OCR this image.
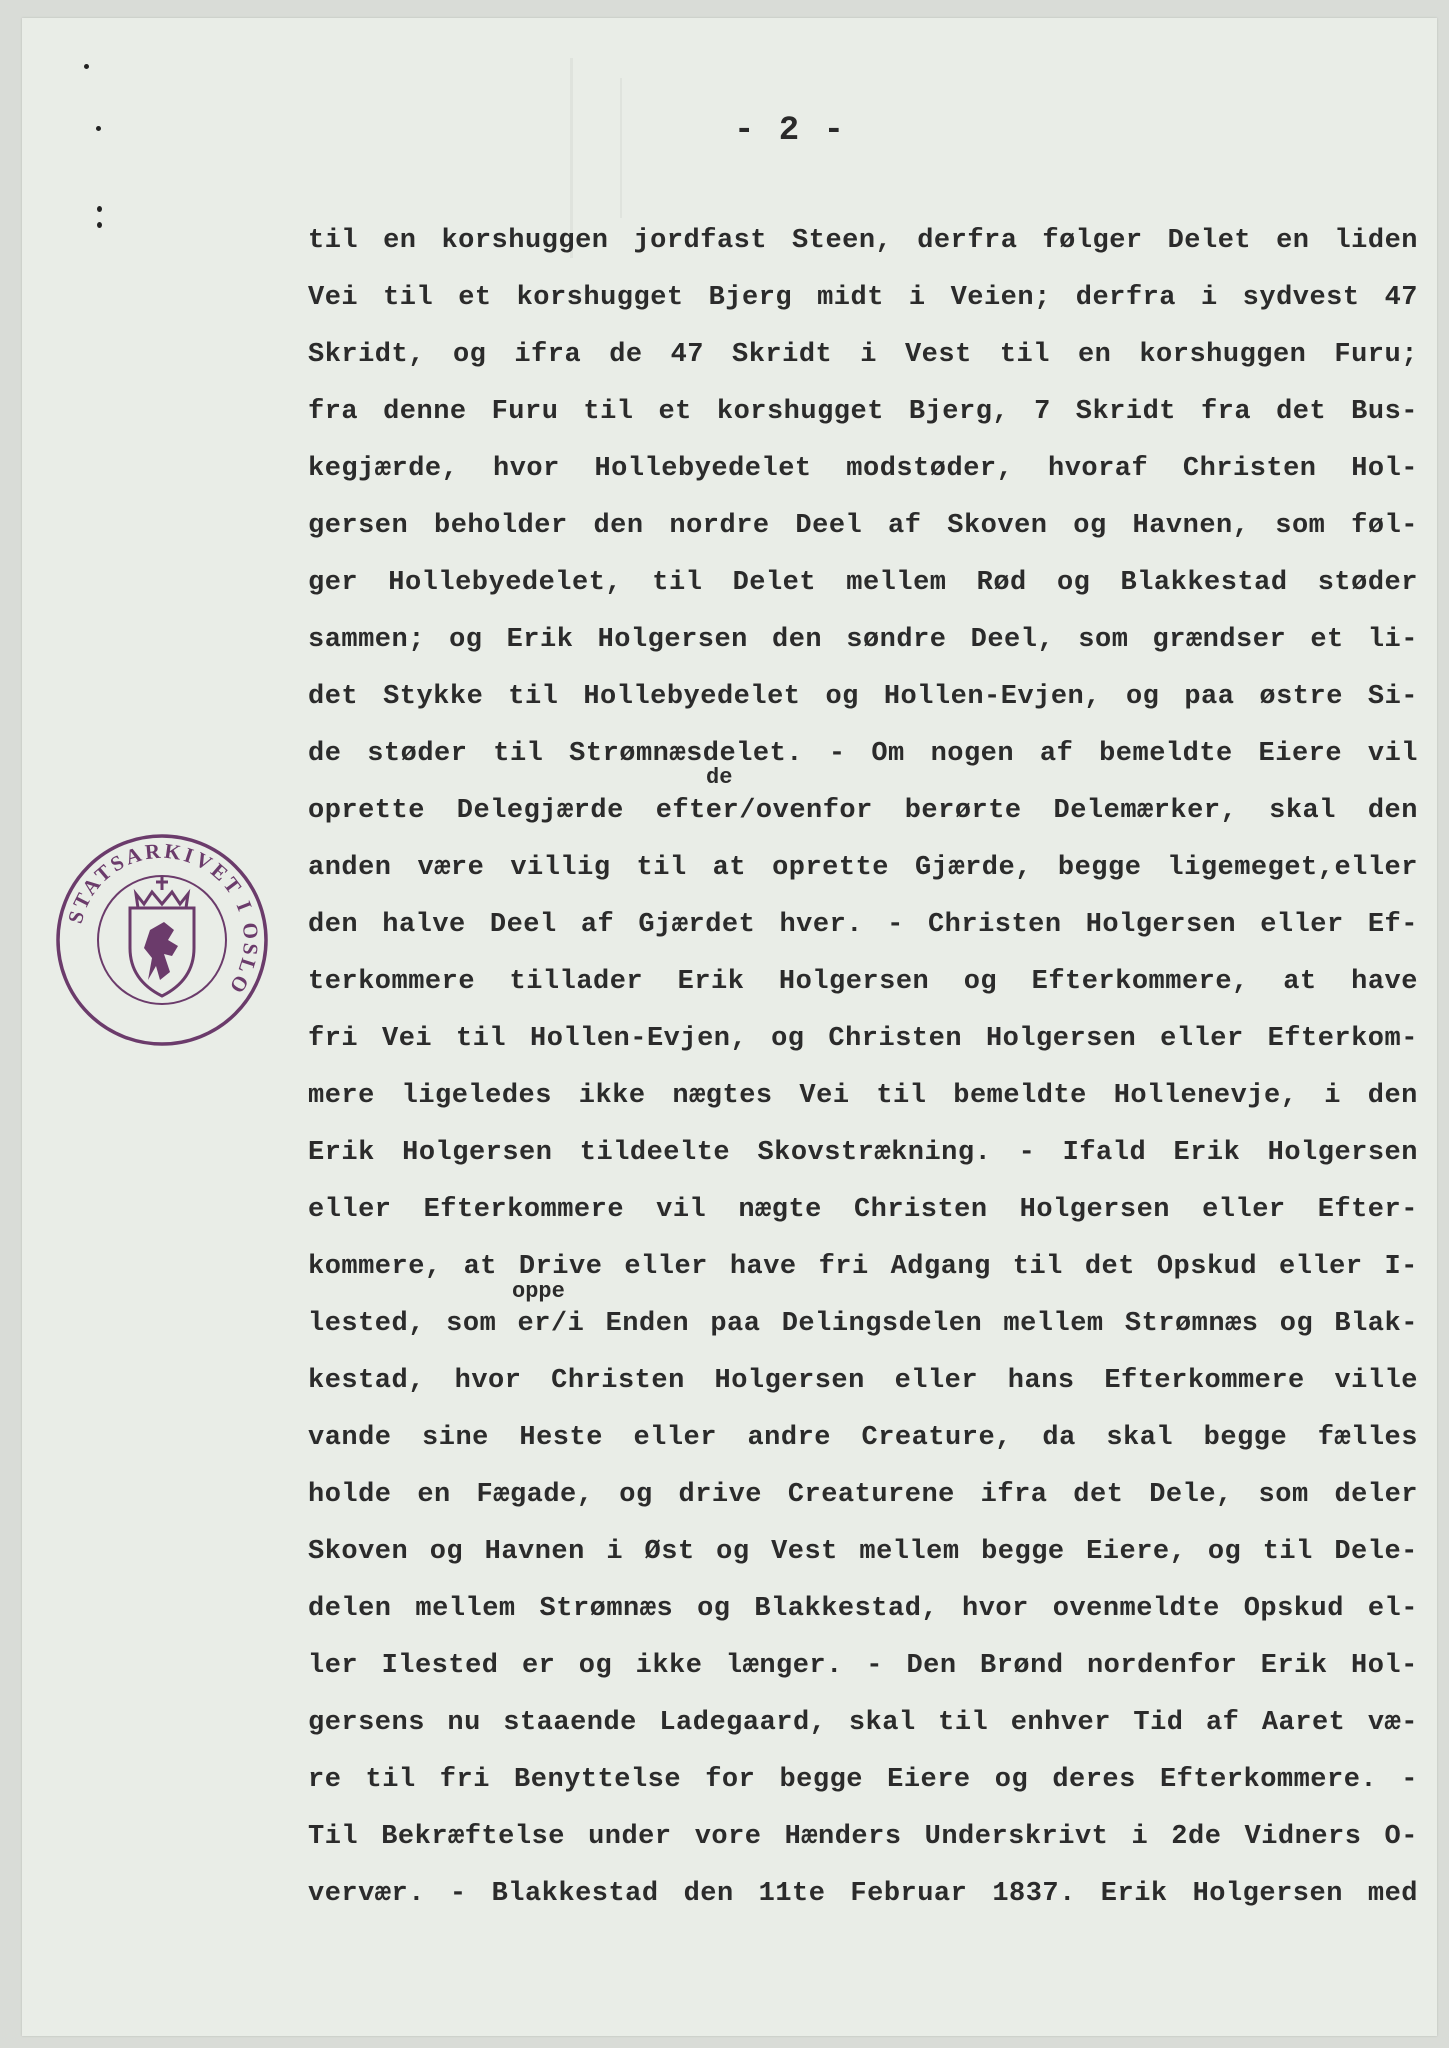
- 2 -
STATSARKIVET I OSLO
til en korshuggen jordfast Steen, derfra følger Delet en liden
Vei til et korshugget Bjerg midt i Veien; derfra i sydvest 47
Skridt, og ifra de 47 Skridt i Vest til en korshuggen Furu;
fra denne Furu til et korshugget Bjerg, 7 Skridt fra det Bus-
kegjærde, hvor Hollebyedelet modstøder, hvoraf Christen Hol-
gersen beholder den nordre Deel af Skoven og Havnen, som føl-
ger Hollebyedelet, til Delet mellem Rød og Blakkestad støder
sammen; og Erik Holgersen den søndre Deel, som grændser et li-
det Stykke til Hollebyedelet og Hollen-Evjen, og paa østre Si-
de støder til Strømnæsdelet. - Om nogen af bemeldte Eiere vil
oprette Delegjærde efter/ovenfor berørte Delemærker, skal den
anden være villig til at oprette Gjærde, begge ligemeget,eller
den halve Deel af Gjærdet hver. - Christen Holgersen eller Ef-
terkommere tillader Erik Holgersen og Efterkommere, at have
fri Vei til Hollen-Evjen, og Christen Holgersen eller Efterkom-
mere ligeledes ikke nægtes Vei til bemeldte Hollenevje, i den
Erik Holgersen tildeelte Skovstrækning. - Ifald Erik Holgersen
eller Efterkommere vil nægte Christen Holgersen eller Efter-
kommere, at Drive eller have fri Adgang til det Opskud eller I-
lested, som er/i Enden paa Delingsdelen mellem Strømnæs og Blak-
kestad, hvor Christen Holgersen eller hans Efterkommere ville
vande sine Heste eller andre Creature, da skal begge fælles
holde en Fægade, og drive Creaturene ifra det Dele, som deler
Skoven og Havnen i Øst og Vest mellem begge Eiere, og til Dele-
delen mellem Strømnæs og Blakkestad, hvor ovenmeldte Opskud el-
ler Ilested er og ikke længer. - Den Brønd nordenfor Erik Hol-
gersens nu staaende Ladegaard, skal til enhver Tid af Aaret væ-
re til fri Benyttelse for begge Eiere og deres Efterkommere. -
Til Bekræftelse under vore Hænders Underskrivt i 2de Vidners O-
vervær. - Blakkestad den 11te Februar 1837. Erik Holgersen med
de
oppe
